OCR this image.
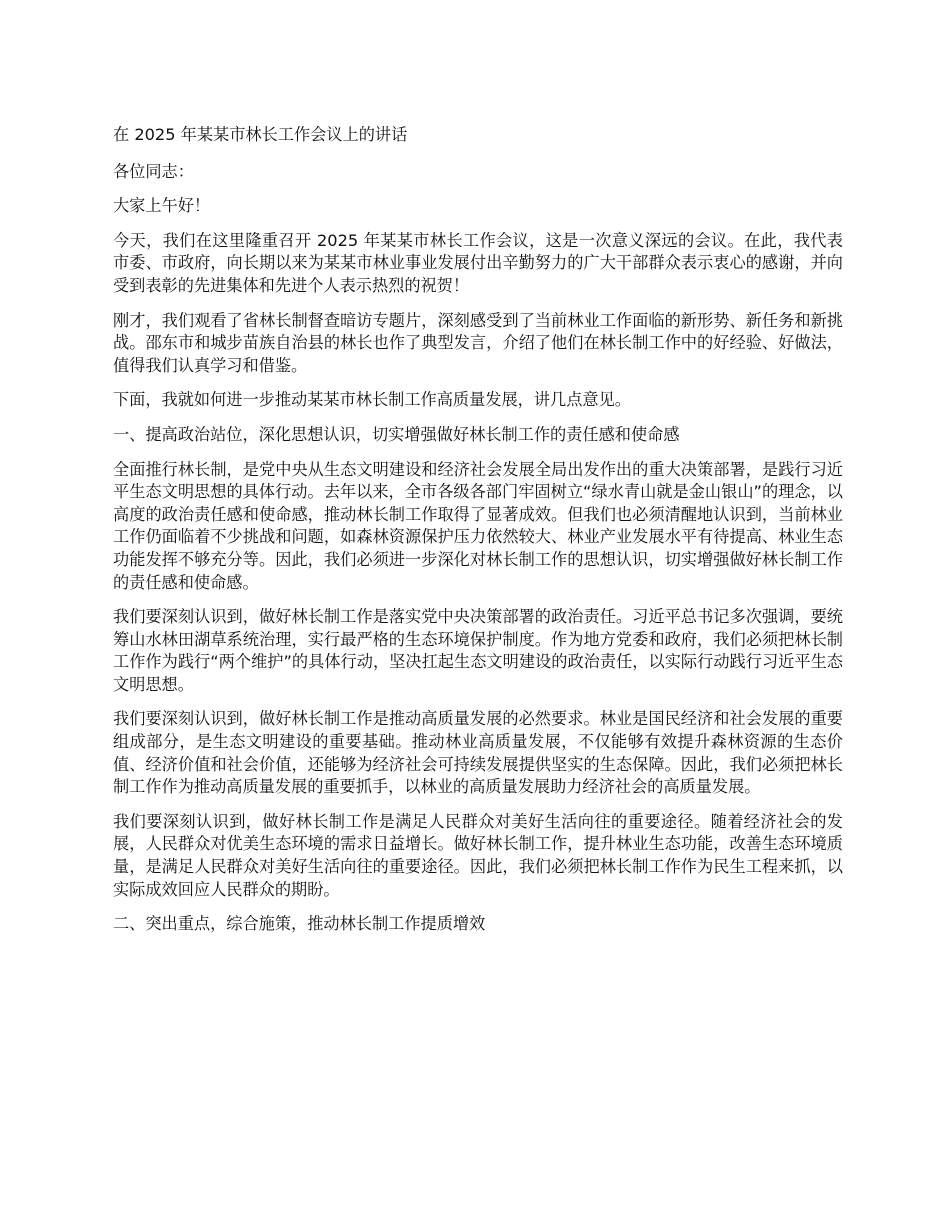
在 2025 年某某市林长工作会议上的讲话

各位同志：

大家上午好！

今天，我们在这里隆重召开 2025 年某某市林长工作会议，这是一次意义深远的会议。在此，我代表市委、市政府，向长期以来为某某市林业事业发展付出辛勤努力的广大干部群众表示衷心的感谢，并向受到表彰的先进集体和先进个人表示热烈的祝贺！

刚才，我们观看了省林长制督查暗访专题片，深刻感受到了当前林业工作面临的新形势、新任务和新挑战。邵东市和城步苗族自治县的林长也作了典型发言，介绍了他们在林长制工作中的好经验、好做法，值得我们认真学习和借鉴。

下面，我就如何进一步推动某某市林长制工作高质量发展，讲几点意见。

一、提高政治站位，深化思想认识，切实增强做好林长制工作的责任感和使命感

全面推行林长制，是党中央从生态文明建设和经济社会发展全局出发作出的重大决策部署，是践行习近平生态文明思想的具体行动。去年以来，全市各级各部门牢固树立“绿水青山就是金山银山”的理念，以高度的政治责任感和使命感，推动林长制工作取得了显著成效。但我们也必须清醒地认识到，当前林业工作仍面临着不少挑战和问题，如森林资源保护压力依然较大、林业产业发展水平有待提高、林业生态功能发挥不够充分等。因此，我们必须进一步深化对林长制工作的思想认识，切实增强做好林长制工作的责任感和使命感。

我们要深刻认识到，做好林长制工作是落实党中央决策部署的政治责任。习近平总书记多次强调，要统筹山水林田湖草系统治理，实行最严格的生态环境保护制度。作为地方党委和政府，我们必须把林长制工作作为践行“两个维护”的具体行动，坚决扛起生态文明建设的政治责任，以实际行动践行习近平生态文明思想。

我们要深刻认识到，做好林长制工作是推动高质量发展的必然要求。林业是国民经济和社会发展的重要组成部分，是生态文明建设的重要基础。推动林业高质量发展，不仅能够有效提升森林资源的生态价值、经济价值和社会价值，还能够为经济社会可持续发展提供坚实的生态保障。因此，我们必须把林长制工作作为推动高质量发展的重要抓手，以林业的高质量发展助力经济社会的高质量发展。

我们要深刻认识到，做好林长制工作是满足人民群众对美好生活向往的重要途径。随着经济社会的发展，人民群众对优美生态环境的需求日益增长。做好林长制工作，提升林业生态功能，改善生态环境质量，是满足人民群众对美好生活向往的重要途径。因此，我们必须把林长制工作作为民生工程来抓，以实际成效回应人民群众的期盼。

二、突出重点，综合施策，推动林长制工作提质增效
